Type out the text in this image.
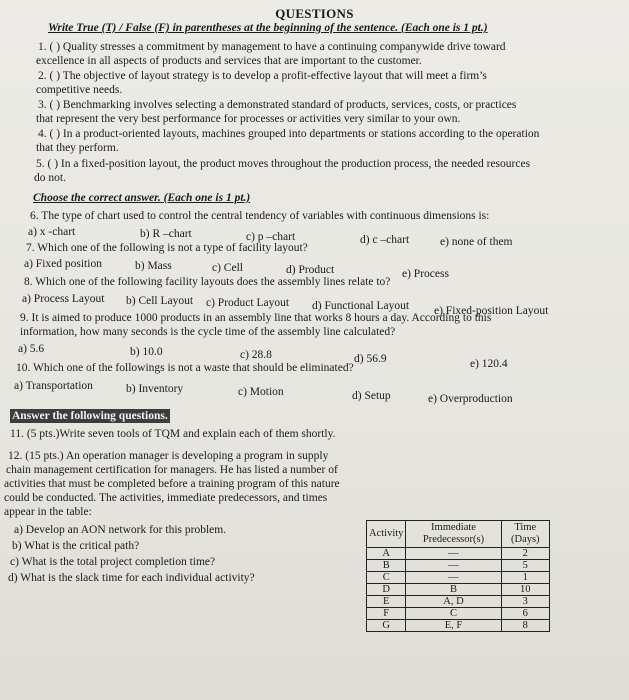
QUESTIONS
Write True (T) / False (F) in parentheses at the beginning of the sentence. (Each one is 1 pt.)
1. ( ) Quality stresses a commitment by management to have a continuing companywide drive toward
excellence in all aspects of products and services that are important to the customer.
2. ( ) The objective of layout strategy is to develop a profit-effective layout that will meet a firm’s
competitive needs.
3. ( ) Benchmarking involves selecting a demonstrated standard of products, services, costs, or practices
that represent the very best performance for processes or activities very similar to your own.
4. ( ) In a product-oriented layouts, machines grouped into departments or stations according to the operation
that they perform.
5. ( ) In a fixed-position layout, the product moves throughout the production process, the needed resources
do not.
Choose the correct answer. (Each one is 1 pt.)
6. The type of chart used to control the central tendency of variables with continuous dimensions is:
a) x -chart	b) R –chart	c) p –chart	d) c –chart	e) none of them
7. Which one of the following is not a type of facility layout?
a) Fixed position	b) Mass	c) Cell	d) Product	e) Process
8. Which one of the following facility layouts does the assembly lines relate to?
a) Process Layout b) Cell Layout c) Product Layout d) Functional Layout e) Fixed-position Layout
9. It is aimed to produce 1000 products in an assembly line that works 8 hours a day. According to this
information, how many seconds is the cycle time of the assembly line calculated?
a) 5.6	b) 10.0	c) 28.8	d) 56.9	e) 120.4
10. Which one of the followings is not a waste that should be eliminated?
a) Transportation	b) Inventory	c) Motion	d) Setup	e) Overproduction
Answer the following questions.
11. (5 pts.)Write seven tools of TQM and explain each of them shortly.
12. (15 pts.) An operation manager is developing a program in supply
chain management certification for managers. He has listed a number of
activities that must be completed before a training program of this nature
could be conducted. The activities, immediate predecessors, and times
appear in the table:
a) Develop an AON network for this problem.
b) What is the critical path?
c) What is the total project completion time?
d) What is the slack time for each individual activity?
Activity	Immediate Predecessor(s)	Time (Days)
A	—	2
B	—	5
C	—	1
D	B	10
E	A, D	3
F	C	6
G	E, F	8
